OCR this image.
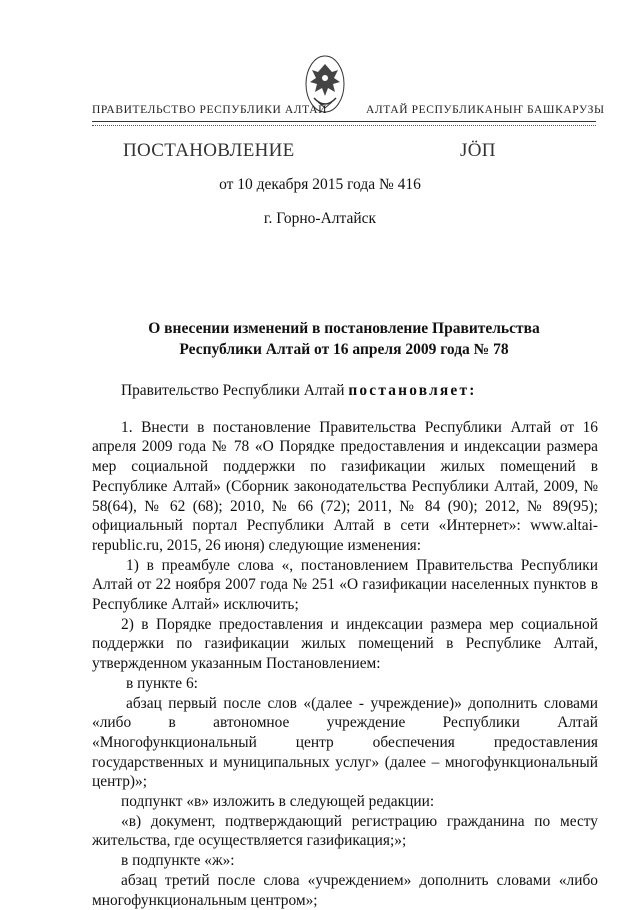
ПРАВИТЕЛЬСТВО РЕСПУБЛИКИ АЛТАЙ	АЛТАЙ РЕСПУБЛИКАНЫҤ БАШКАРУЗЫ
ПОСТАНОВЛЕНИЕ	ЈӦП
от 10 декабря 2015 года № 416
г. Горно-Алтайск
О внесении изменений в постановление Правительства
Республики Алтай от 16 апреля 2009 года № 78

Правительство Республики Алтай постановляет:

1. Внести в постановление Правительства Республики Алтай от 16 апреля 2009 года № 78 «О Порядке предоставления и индексации размера мер социальной поддержки по газификации жилых помещений в Республике Алтай» (Сборник законодательства Республики Алтай, 2009, № 58(64), № 62 (68); 2010, № 66 (72); 2011, № 84 (90); 2012, № 89(95); официальный портал Республики Алтай в сети «Интернет»: www.altai-republic.ru, 2015, 26 июня) следующие изменения:

1) в преамбуле слова «, постановлением Правительства Республики Алтай от 22 ноября 2007 года № 251 «О газификации населенных пунктов в Республике Алтай» исключить;

2) в Порядке предоставления и индексации размера мер социальной поддержки по газификации жилых помещений в Республике Алтай, утвержденном указанным Постановлением:

в пункте 6:

абзац первый после слов «(далее - учреждение)» дополнить словами «либо в автономное учреждение Республики Алтай «Многофункциональный центр обеспечения предоставления государственных и муниципальных услуг» (далее – многофункциональный центр)»;

подпункт «в» изложить в следующей редакции:

«в) документ, подтверждающий регистрацию гражданина по месту жительства, где осуществляется газификация;»;

в подпункте «ж»:

абзац третий после слова «учреждением» дополнить словами «либо многофункциональным центром»;
